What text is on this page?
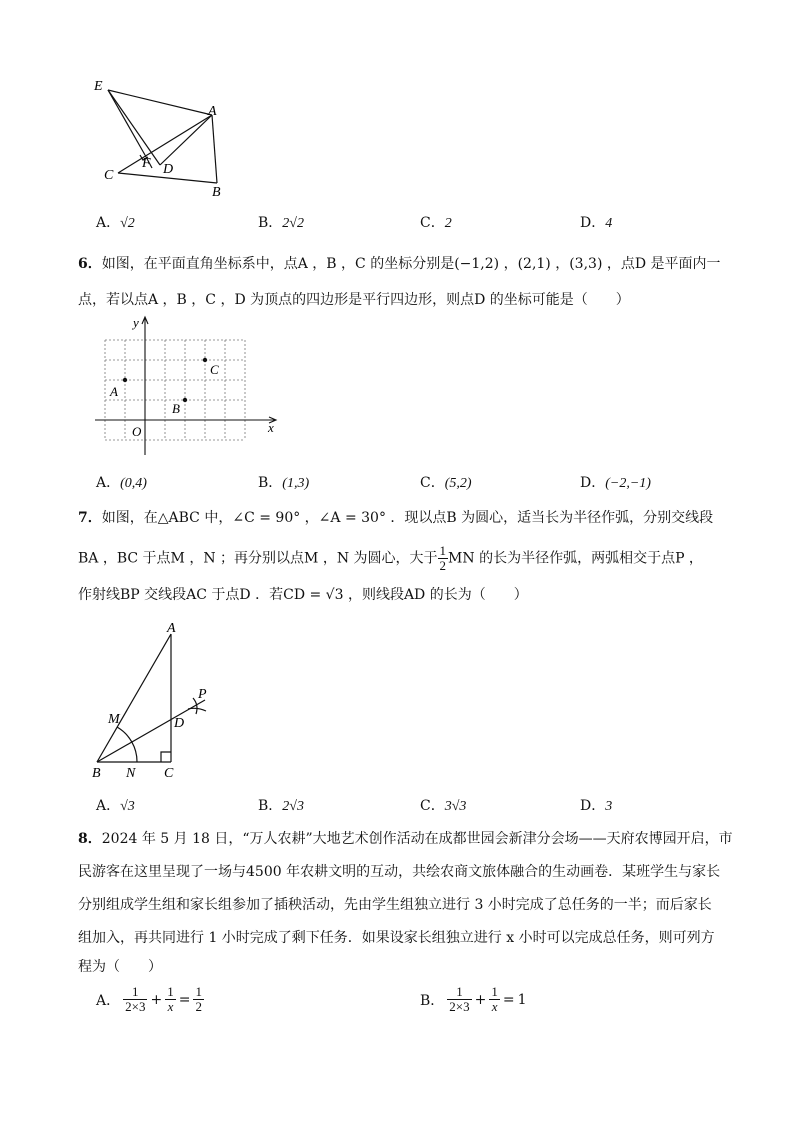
E
A
C
F D
B
A．√2	B．2√2	C．2	D．4
6．如图，在平面直角坐标系中，点A ，B ，C 的坐标分别是(−1,2) ，(2,1) ，(3,3) ，点D 是平面内一
点，若以点A ，B ，C ，D 为顶点的四边形是平行四边形，则点D 的坐标可能是（　　）
x
y
O
A
B
C
A．(0,4)	B．(1,3)	C．(5,2)	D．(−2,−1)
7．如图，在△ABC 中，∠C = 90° ，∠A = 30° ．现以点B 为圆心，适当长为半径作弧，分别交线段
BA ，BC 于点M ，N ；再分别以点M ，N 为圆心，大于 $\frac{1}{2}$ MN 的长为半径作弧，两弧相交于点P ，
作射线BP 交线段AC 于点D ．若CD = √3 ，则线段AD 的长为（　　）
A
P
M	D
B N C
A．√3	B．2√3	C．3√3	D．3
8．2024 年 5 月 18 日，“万人农耕”大地艺术创作活动在成都世园会新津分会场——天府农博园开启，市
民游客在这里呈现了一场与4500 年农耕文明的互动，共绘农商文旅体融合的生动画卷．某班学生与家长
分别组成学生组和家长组参加了插秧活动，先由学生组独立进行 3 小时完成了总任务的一半；而后家长
组加入，再共同进行 1 小时完成了剩下任务．如果设家长组独立进行 x 小时可以完成总任务，则可列方
程为（　　）
A． $\frac{1}{2\times 3} + \frac{1}{x} = \frac{1}{2}$	B． $\frac{1}{2\times 3} + \frac{1}{x} = 1$
